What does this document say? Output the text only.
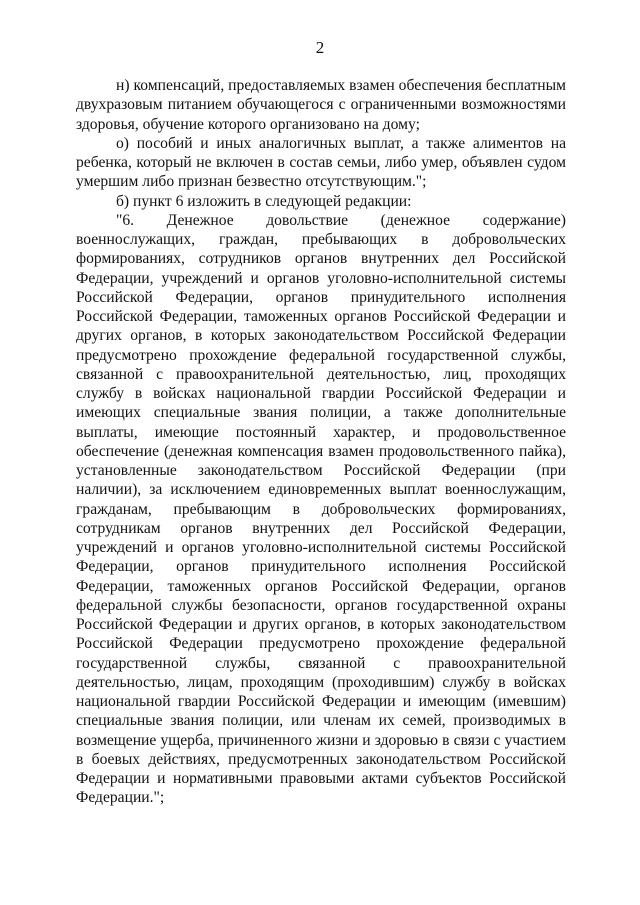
2

н) компенсаций, предоставляемых взамен обеспечения бесплатным двухразовым питанием обучающегося с ограниченными возможностями здоровья, обучение которого организовано на дому;

о) пособий и иных аналогичных выплат, а также алиментов на ребенка, который не включен в состав семьи, либо умер, объявлен судом умершим либо признан безвестно отсутствующим.";

б) пункт 6 изложить в следующей редакции:

"6. Денежное довольствие (денежное содержание) военнослужащих, граждан, пребывающих в добровольческих формированиях, сотрудников органов внутренних дел Российской Федерации, учреждений и органов уголовно-исполнительной системы Российской Федерации, органов принудительного исполнения Российской Федерации, таможенных органов Российской Федерации и других органов, в которых законодательством Российской Федерации предусмотрено прохождение федеральной государственной службы, связанной с правоохранительной деятельностью, лиц, проходящих службу в войсках национальной гвардии Российской Федерации и имеющих специальные звания полиции, а также дополнительные выплаты, имеющие постоянный характер, и продовольственное обеспечение (денежная компенсация взамен продовольственного пайка), установленные законодательством Российской Федерации (при наличии), за исключением единовременных выплат военнослужащим, гражданам, пребывающим в добровольческих формированиях, сотрудникам органов внутренних дел Российской Федерации, учреждений и органов уголовно-исполнительной системы Российской Федерации, органов принудительного исполнения Российской Федерации, таможенных органов Российской Федерации, органов федеральной службы безопасности, органов государственной охраны Российской Федерации и других органов, в которых законодательством Российской Федерации предусмотрено прохождение федеральной государственной службы, связанной с правоохранительной деятельностью, лицам, проходящим (проходившим) службу в войсках национальной гвардии Российской Федерации и имеющим (имевшим) специальные звания полиции, или членам их семей, производимых в возмещение ущерба, причиненного жизни и здоровью в связи с участием в боевых действиях, предусмотренных законодательством Российской Федерации и нормативными правовыми актами субъектов Российской Федерации.";
